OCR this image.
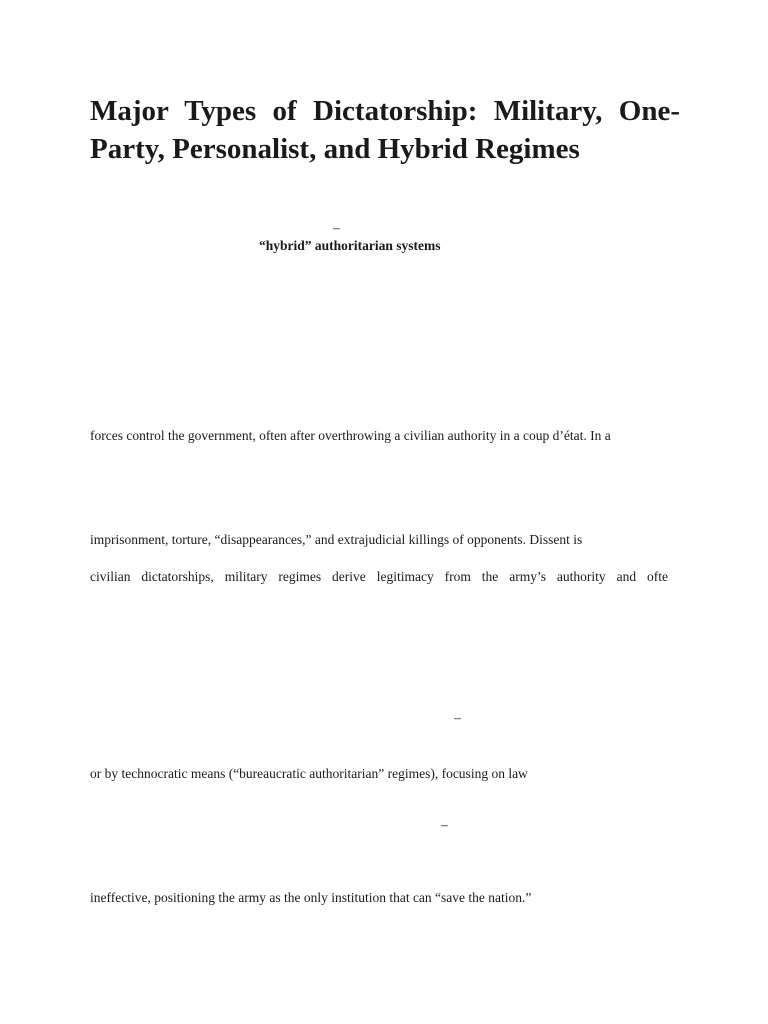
Major Types of Dictatorship: Military, One-Party, Personalist, and Hybrid Regimes
–
“hybrid” authoritarian systems
forces control the government, often after overthrowing a civilian authority in a coup d’état. In a
imprisonment, torture, “disappearances,” and extrajudicial killings of opponents. Dissent is
civilian dictatorships, military regimes derive legitimacy from the army’s authority and ofte
–
or by technocratic means (“bureaucratic authoritarian” regimes), focusing on law
–
ineffective, positioning the army as the only institution that can “save the nation.”
